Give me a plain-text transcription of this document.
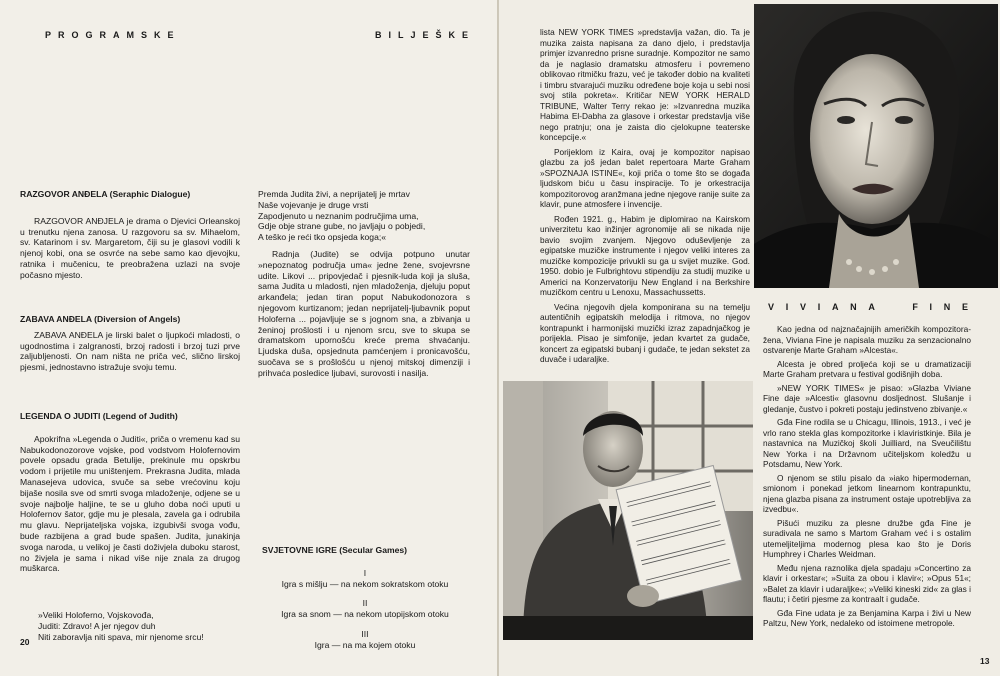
PROGRAMSKE	BILJEŠKE

RAZGOVOR ANĐELA (Seraphic Dialogue)

RAZGOVOR ANĐJELA je drama o Djevici Orleanskoj u trenutku njena zanosa. U razgovoru sa sv. Mihaelom, sv. Katarinom i sv. Margaretom, čiji su je glasovi vodili k njenoj kobi, ona se osvrće na sebe samo kao djevojku, ratnika i mučenicu, te preobražena uzlazi na svoje počasno mjesto.

ZABAVA ANĐELA (Diversion of Angels)

ZABAVA ANĐELA je lirski balet o ljupkoći mladosti, o ugodnostima i zalgranosti, brzoj radosti i brzoj tuzi prve zaljubljenosti. On nam ništa ne priča već, slično lirskoj pjesmi, jednostavno istražuje svoju temu.

LEGENDA O JUDITI (Legend of Judith)

Apokrifna »Legenda o Juditi«, priča o vremenu kad su Nabukodonozorove vojske, pod vodstvom Holofernovim povele opsadu grada Betulije, prekinule mu opskrbu vodom i prijetile mu uništenjem. Prekrasna Judita, mlada Manasejeva udovica, svuče sa sebe vrećovinu koju bijaše nosila sve od smrti svoga mladoženje, odjene se u svoje najbolje haljine, te se u gluho doba noći uputi u Holofernov šator, gdje mu je plesala, zavela ga i odrubila mu glavu. Neprijateljska vojska, izgubivši svoga vođu, bude razbijena a grad bude spašen. Judita, junakinja svoga naroda, u velikoj je časti doživjela duboku starost, no živjela je sama i nikad više nije znala za drugog muškarca.

»Veliki Holoferno, Vojskovođa,

Juditi: Zdravo! A jer njegov duh

Niti zaboravlja niti spava, mir njenome srcu!

20

Premda Judita živi, a neprijatelj je mrtav

Naše vojevanje je druge vrsti

Zapodjenuto u neznanim područjima uma,

Gdje obje strane gube, no javljaju o pobjedi,

A teško je reći tko opsjeda koga;«

Radnja (Judite) se odvija potpuno unutar »nepoznatog područja uma« jedne žene, svojevrsne udite. Likovi ... pripovjedač i pjesnik-luda koji ja sluša, sama Judita u mladosti, njen mladoženja, djeluju poput arkanđela; jedan tiran poput Nabukodonozora s njegovom kurtizanom; jedan neprijatelj-ljubavnik poput Holoferna ... pojavljuje se s jognom sna, a zbivanja u ženinoj prošlosti i u njenom srcu, sve to skupa se dramatskom upornošću kreće prema shvaćanju. Ljudska duša, opsjednuta pamćenjem i pronicavošću, suočava se s prošlošću u njenoj mitskoj dimenziji i prihvaća posledice ljubavi, surovosti i nasilja.

SVJETOVNE IGRE (Secular Games)

I

Igra s mišlju — na nekom sokratskom otoku

II

Igra sa snom — na nekom utopijskom otoku

III

Igra — na ma kojem otoku

lista NEW YORK TIMES »predstavlja važan, dio. Ta je muzika zaista napisana za dano djelo, i predstavlja primjer izvanredno prisne suradnje. Kompozitor ne samo da je naglasio dramatsku atmosferu i povremeno oblikovao ritmičku frazu, već je također dobio na kvaliteti i timbru stvarajući muziku određene boje koja u sebi nosi svoj stila pokreta«. Kritičar NEW YORK HERALD TRIBUNE, Walter Terry rekao je: »Izvanredna muzika Habima El-Dabha za glasove i orkestar predstavlja više nego pratnju; ona je zaista dio cjelokupne teaterske koncepcije.«

Porijeklom iz Kaira, ovaj je kompozitor napisao glazbu za još jedan balet repertoara Marte Graham »SPOZNAJA ISTINE«, koji priča o tome što se događa ljudskom biću u času inspiracije. To je orkestracija kompozitorovog aranžmana jedne njegove ranije suite za klavir, pune atmosfere i invencije.

Rođen 1921. g., Habim je diplomirao na Kairskom univerzitetu kao inžinjer agronomije ali se nikada nije bavio svojim zvanjem. Njegovo oduševljenje za egipatske muzičke instrumente i njegov veliki interes za muzičke kompozicije privukli su ga u svijet muzike. God. 1950. dobio je Fulbrightovu stipendiju za studij muzike u Americi na Konzervatoriju New England i na Berkshire muzičkom centru u Lenoxu, Massachussetts.

Većina njegovih djela komponirana su na temelju autentičnih egipatskih melodija i ritmova, no njegov kontrapunkt i harmonijski muzički izraz zapadnjačkog je porijekla. Pisao je simfonije, jedan kvartet za gudače, koncert za egipatski bubanj i gudače, te jedan sekstet za duvače i udaraljke.

V I V I A N A	F I N E

Kao jedna od najznačajnijih američkih kompozitora-žena, Viviana Fine je napisala muziku za senzacionalno ostvarenje Marte Graham »Alcesta«.

Alcesta je obred proljeća koji se u dramatizaciji Marte Graham pretvara u festival godišnjih doba.

»NEW YORK TIMES« je pisao: »Glazba Viviane Fine daje »Alcesti« glasovnu dosljednost. Slušanje i gledanje, čustvo i pokreti postaju jedinstveno zbivanje.«

Gđa Fine rodila se u Chicagu, Illinois, 1913., i već je vrlo rano stekla glas kompozitorke i klaviristkinje. Bila je nastavnica na Muzičkoj školi Juilliard, na Sveučilištu New Yorka i na Državnom učiteljskom koledžu u Potsdamu, New York.

O njenom se stilu pisalo da »iako hipermodernan, smionom i ponekad jetkom linearnom kontrapunktu, njena glazba pisana za instrument ostaje upotrebljiva za izvedbu«.

Pišući muziku za plesne družbe gđa Fine je suradivala ne samo s Martom Graham već i s ostalim utemeljiteljima modernog plesa kao što je Doris Humphrey i Charles Weidman.

Među njena raznolika djela spadaju »Concertino za klavir i orkestar«; »Suita za obou i klavir«; »Opus 51«; »Balet za klavir i udaraljke«; »Veliki kineski zid« za glas i flautu; i četiri pjesme za kontraalt i gudače.

Gđa Fine udata je za Benjamina Karpa i živi u New Paltzu, New York, nedaleko od istoimene metropole.

13
